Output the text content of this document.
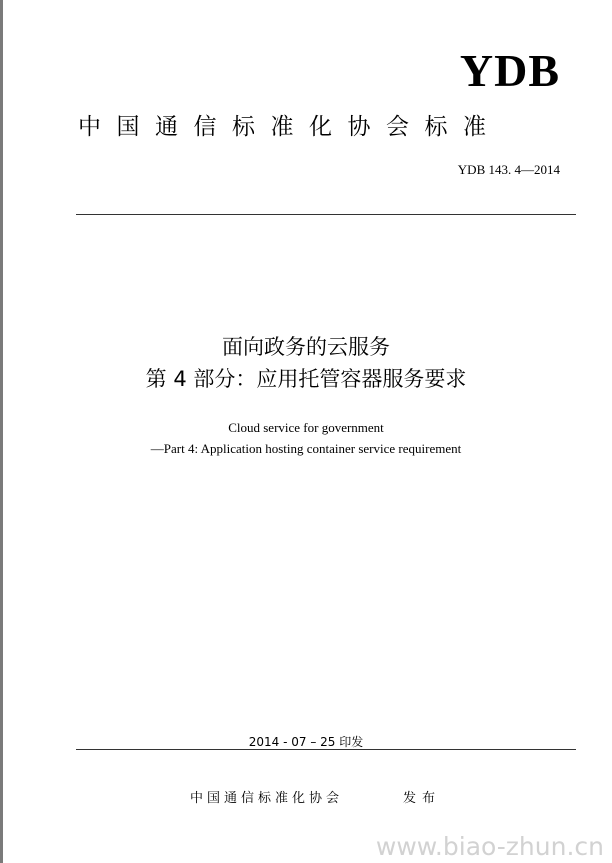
YDB
中国通信标准化协会标准
YDB 143. 4—2014
面向政务的云服务
第 4 部分：应用托管容器服务要求
Cloud service for government
—Part 4: Application hosting container service requirement
2014 - 07 – 25 印发
中国通信标准化协会	发布
www.biao-zhun.cn
